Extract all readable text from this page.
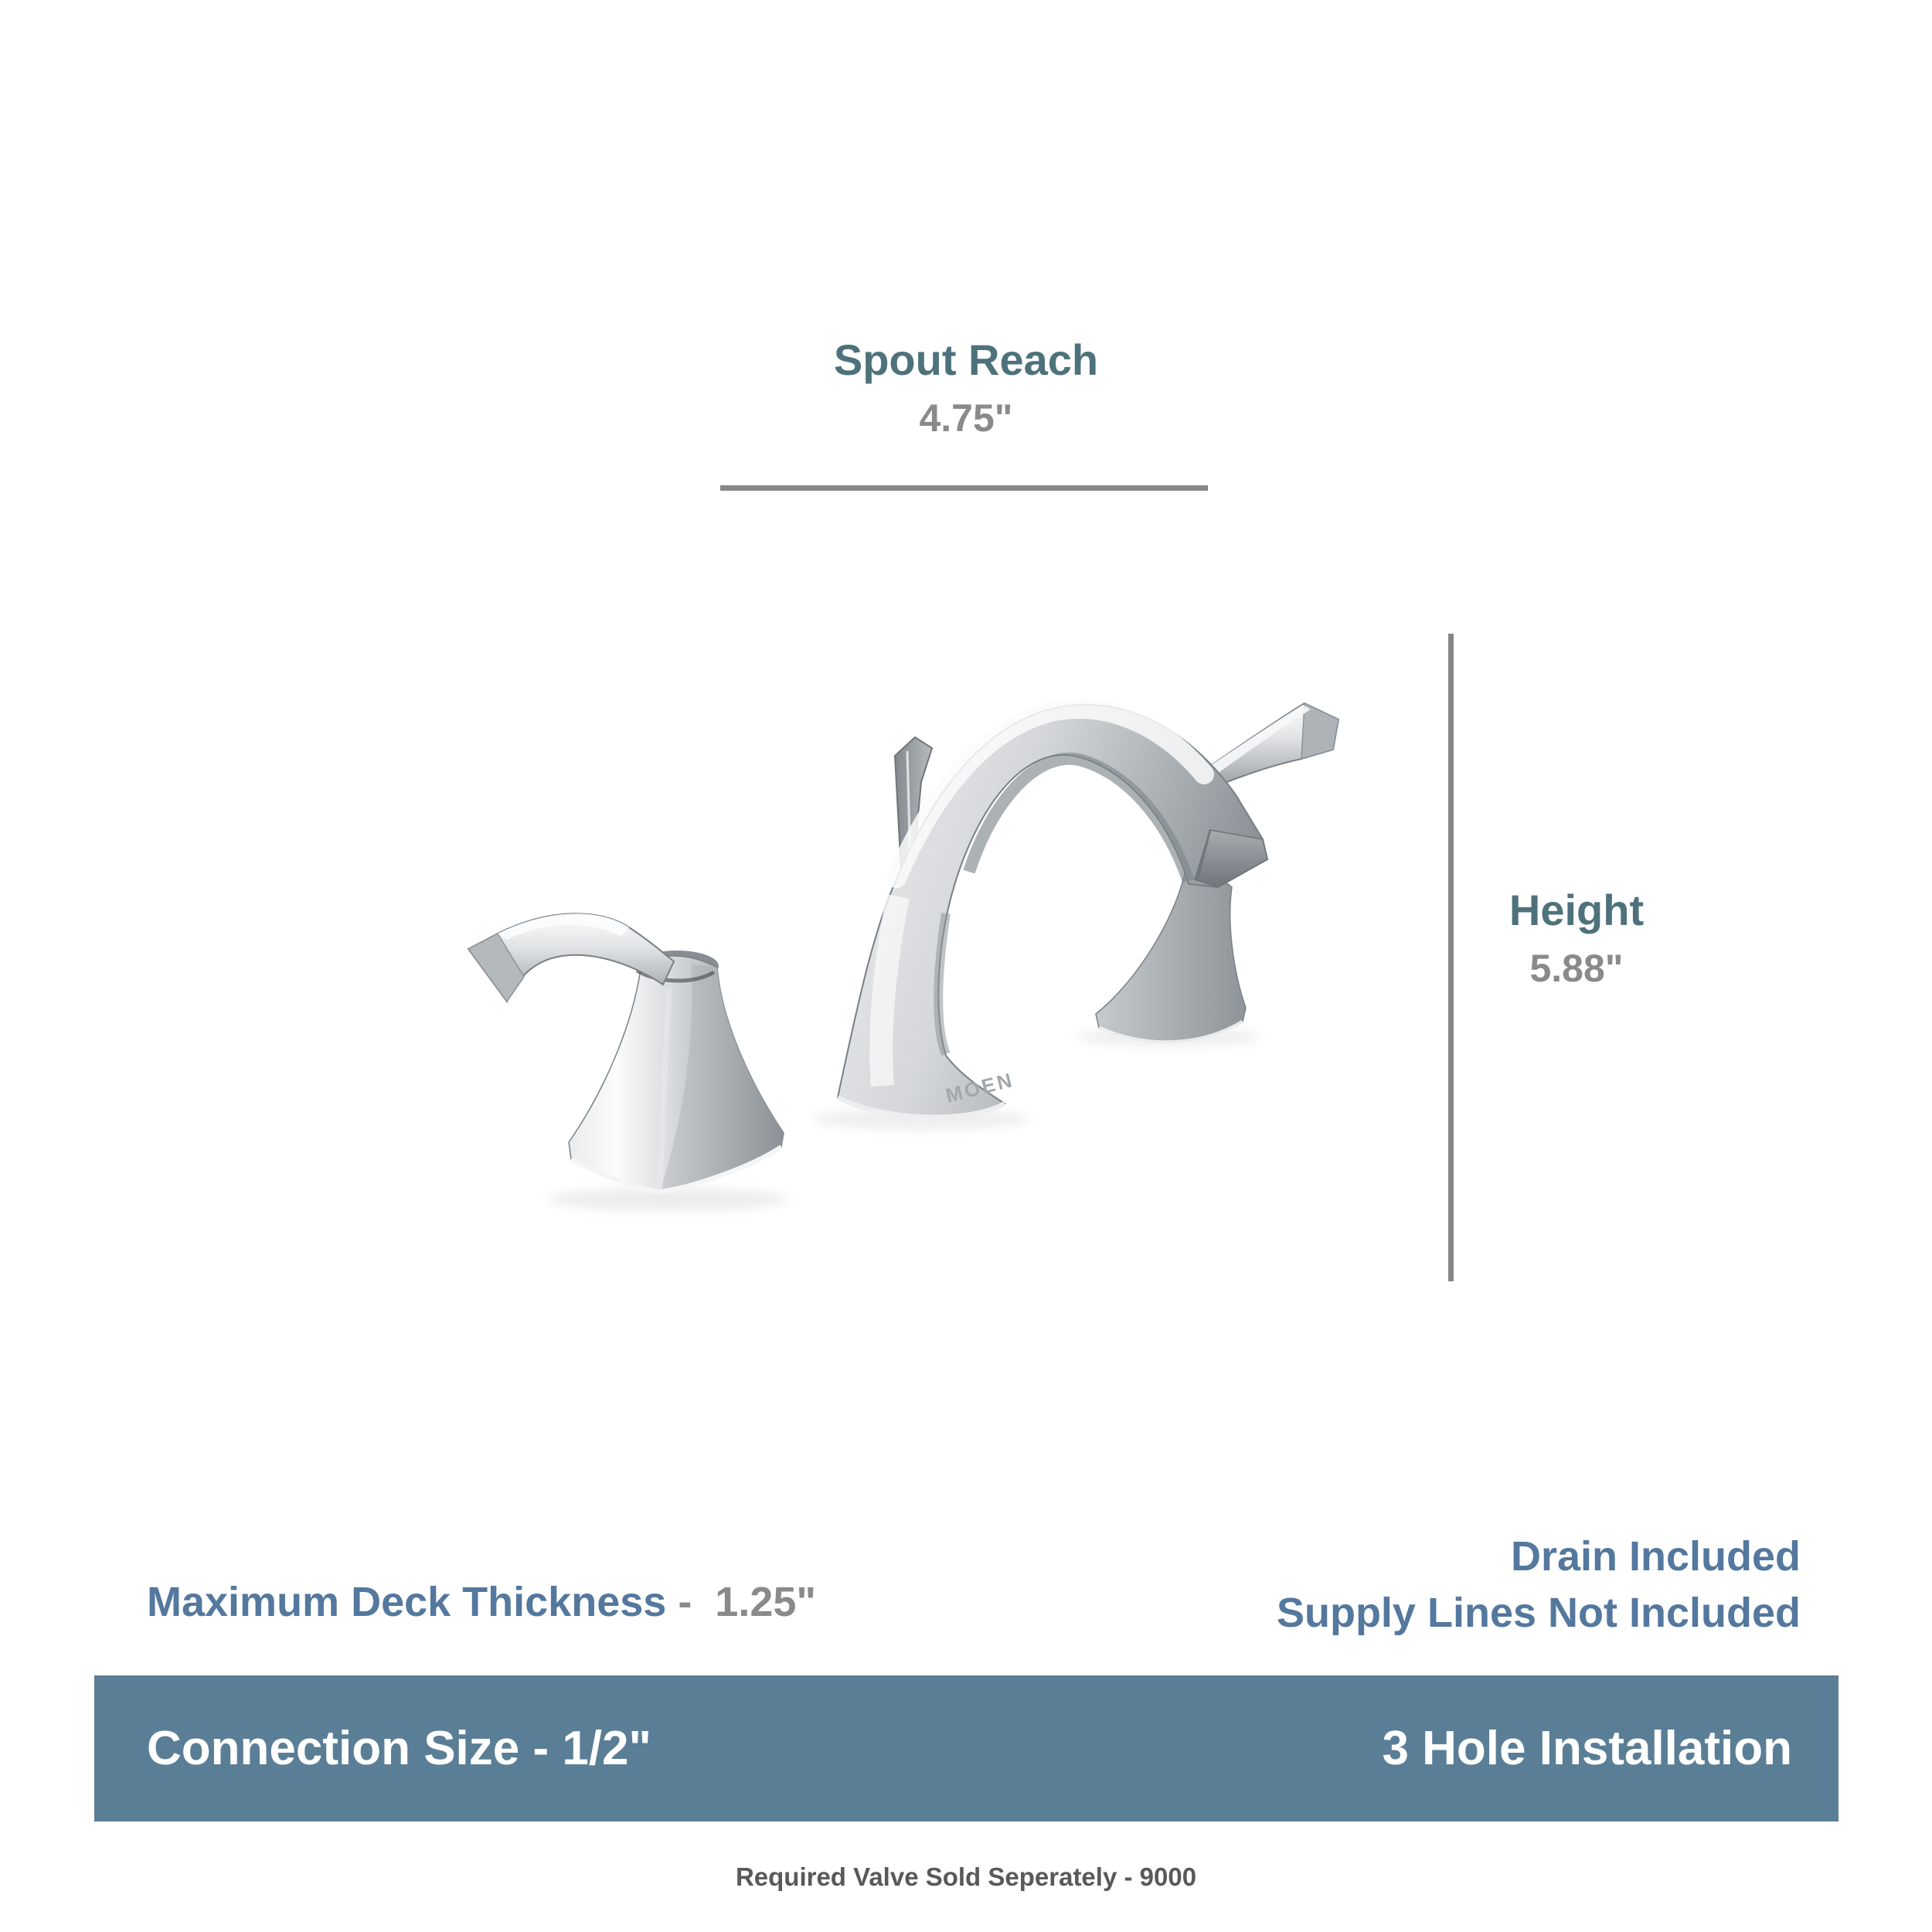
Spout Reach
4.75"
Height
5.88"
MOEN
Maximum Deck Thickness -  1.25"
Drain Included
Supply Lines Not Included
Connection Size - 1/2"	3 Hole Installation
Required Valve Sold Seperately - 9000
